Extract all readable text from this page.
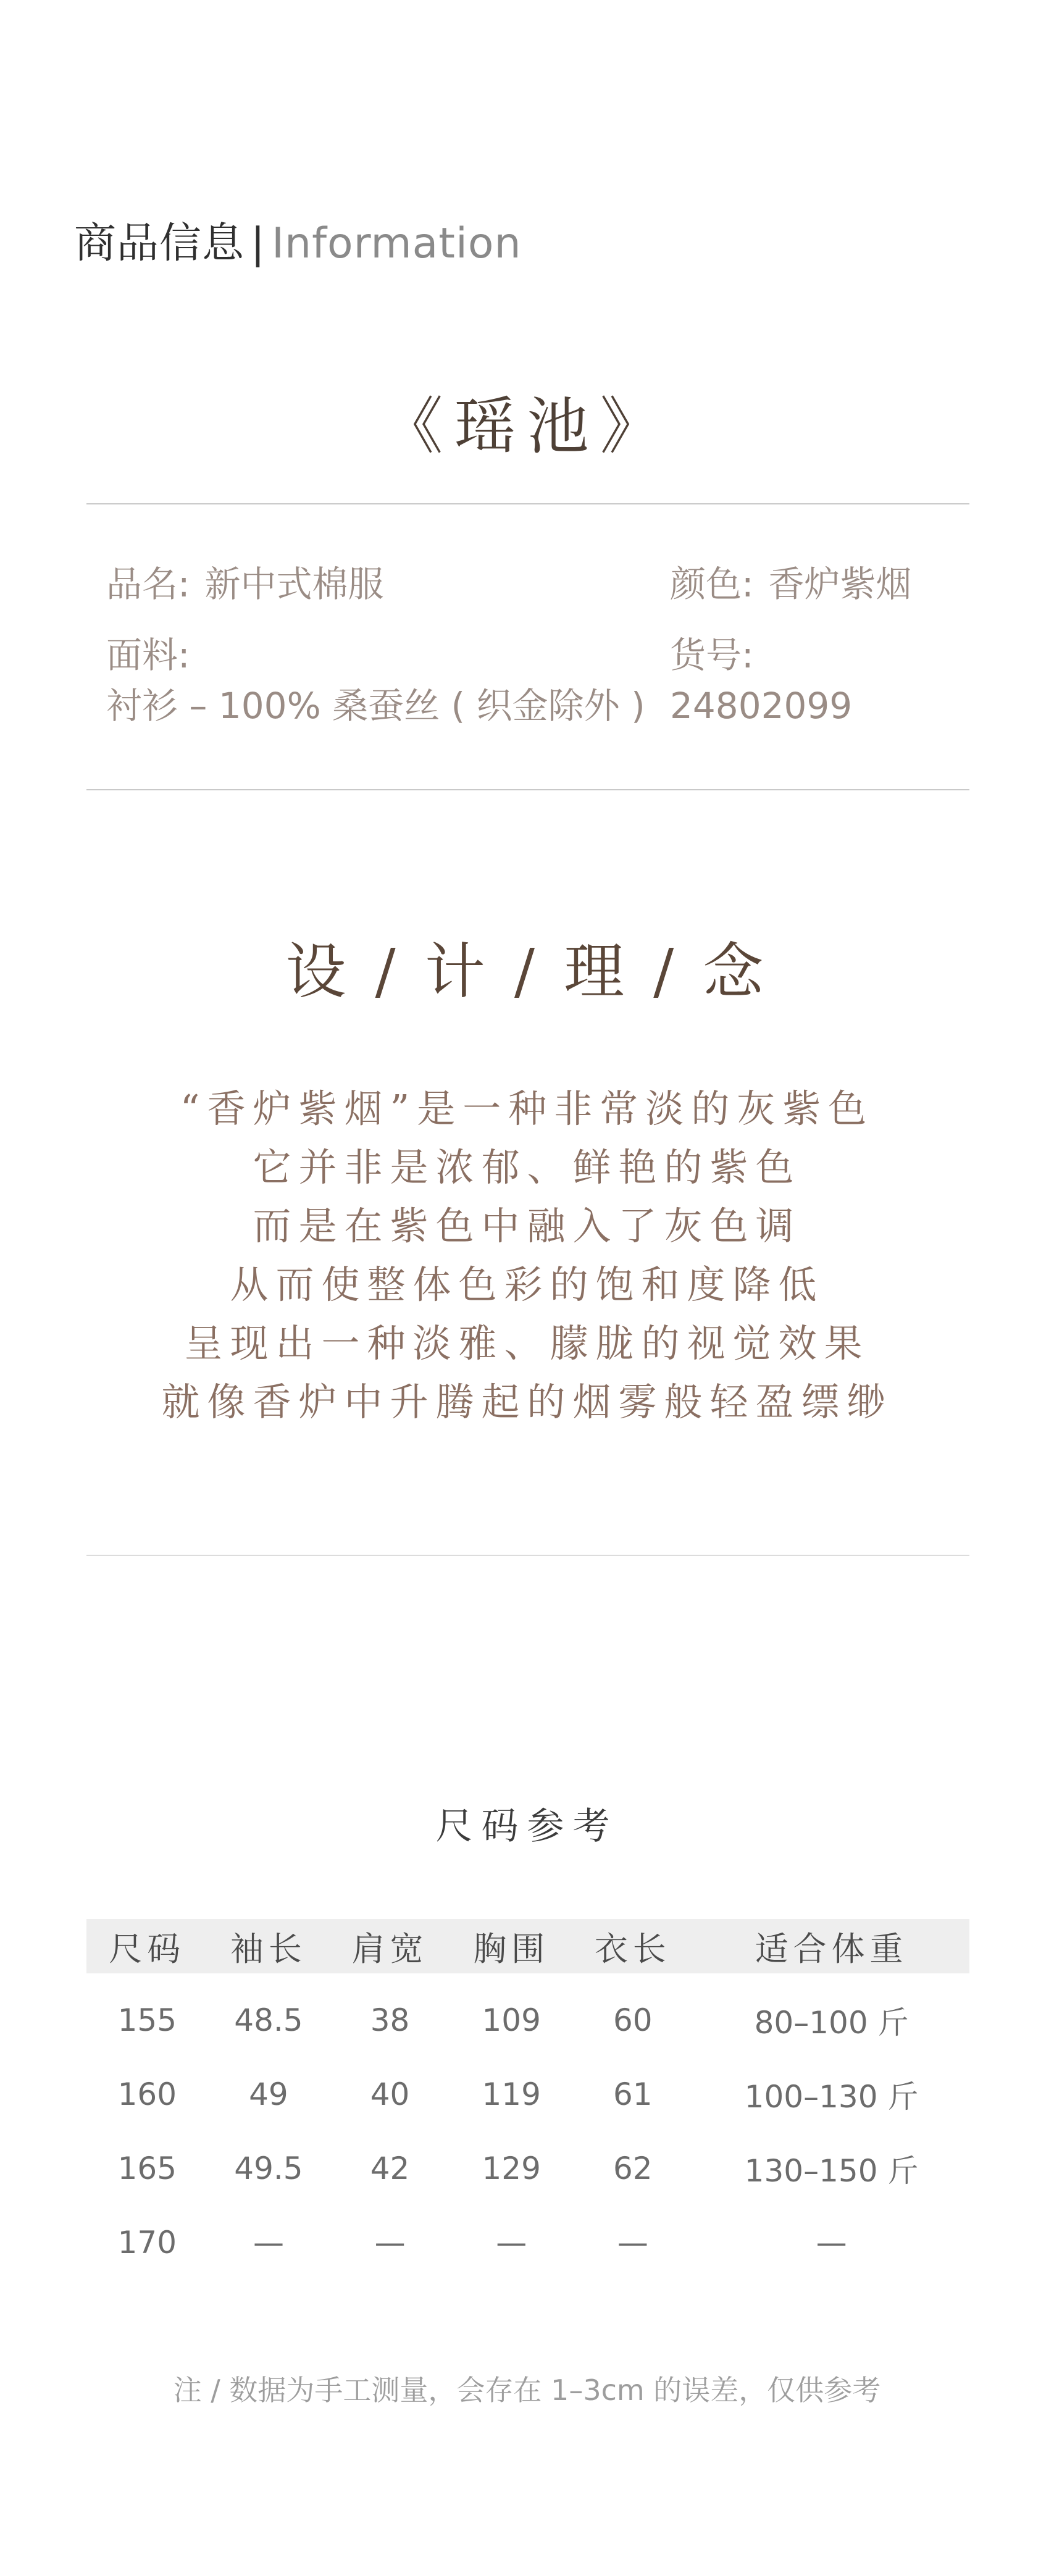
商品信息 | Information
《瑶池》
品名: 新中式棉服	颜色: 香炉紫烟
面料:
衬衫 – 100% 桑蚕丝 ( 织金除外 )
货号:
24802099
设 / 计 / 理 / 念
“香炉紫烟”是一种非常淡的灰紫色
它并非是浓郁、鲜艳的紫色
而是在紫色中融入了灰色调
从而使整体色彩的饱和度降低
呈现出一种淡雅、朦胧的视觉效果
就像香炉中升腾起的烟雾般轻盈缥缈
尺码参考
尺码	袖长	肩宽	胸围	衣长	适合体重
155	48.5	38	109	60	80–100 斤
160	49	40	119	61	100–130 斤
165	49.5	42	129	62	130–150 斤
170	—	—	—	—	—
注 / 数据为手工测量，会存在 1–3cm 的误差，仅供参考
